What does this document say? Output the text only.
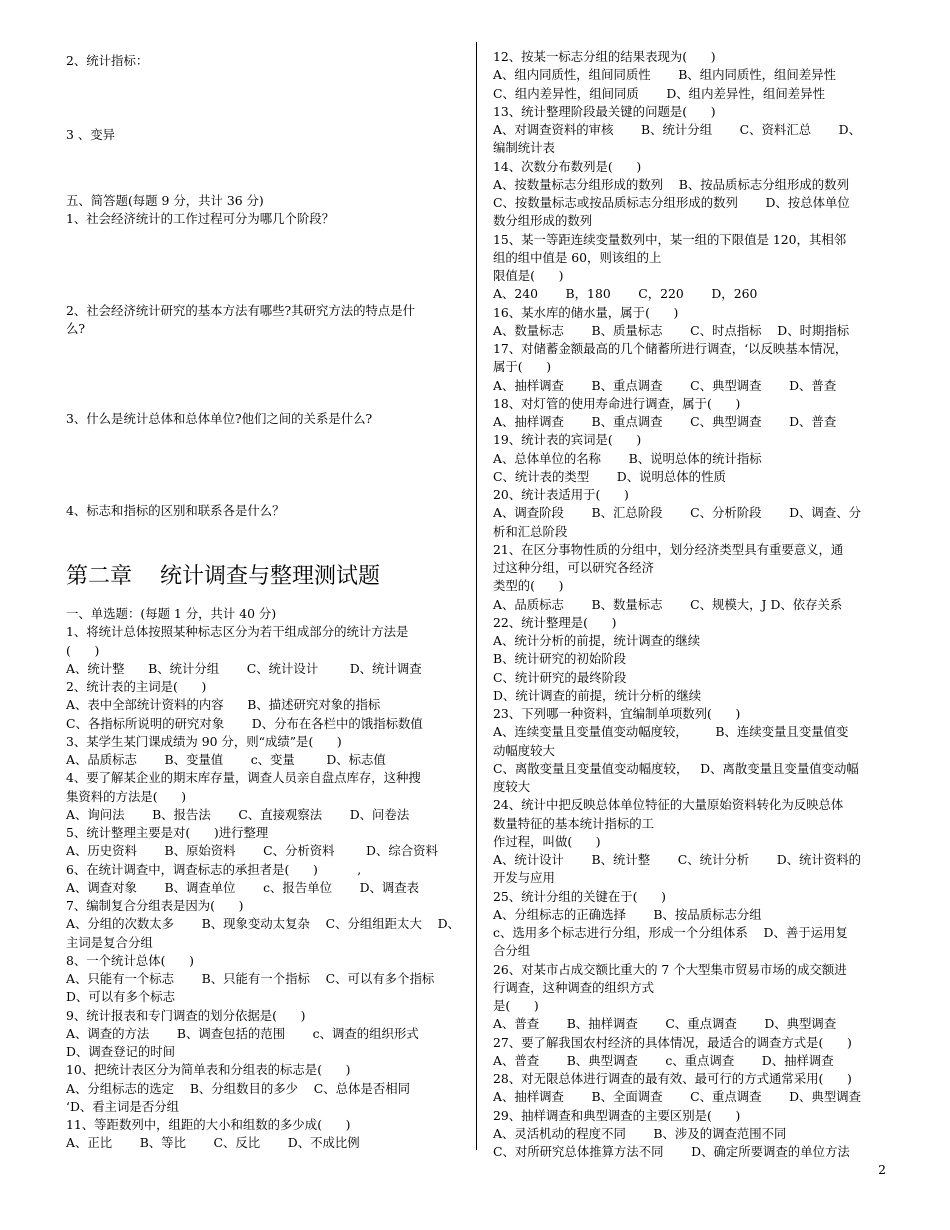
2、统计指标：
3 、变异
五、简答题(每题 9 分，共计 36 分)
1、社会经济统计的工作过程可分为哪几个阶段？
2、社会经济统计研究的基本方法有哪些?其研究方法的特点是什
么?
3、什么是统计总体和总体单位?他们之间的关系是什么?
4、标志和指标的区别和联系各是什么？
第二章    统计调查与整理测试题
一、单选题：(每题 1 分，共计 40 分)
1、将统计总体按照某种标志区分为若干组成部分的统计方法是
(      )
A、统计整      B、统计分组       C、统计设计        D、统计调查
2、统计表的主词是(      )
A、表中全部统计资料的内容      B、描述研究对象的指标
C、各指标所说明的研究对象       D、分布在各栏中的饿指标数值
3、某学生某门课成绩为 90 分，则“成绩”是(      )
A、品质标志       B、变量值       c、变量        D、标志值
4、要了解某企业的期末库存量，调查人员亲自盘点库存，这种搜
集资料的方法是(      )
A、询问法       B、报告法       C、直接观察法       D、问卷法
5、统计整理主要是对(      )进行整理
A、历史资料       B、原始资料       C、分析资料        D、综合资料
6、在统计调查中，调查标志的承担者是(      )          ,
A、调查对象       B、调查单位       c、报告单位       D、调查表
7、编制复合分组表是因为(      )
A、分组的次数太多       B、现象变动太复杂    C、分组组距太大    D、
主词是复合分组
8、一个统计总体(      )
A、只能有一个标志       B、只能有一个指标    C、可以有多个指标
D、可以有多个标志
9、统计报表和专门调查的划分依据是(      )
A、调查的方法       B、调查包括的范围       c、调查的组织形式
D、调查登记的时间
10、把统计表区分为简单表和分组表的标志是(      )
A、分组标志的选定    B、分组数目的多少    C、总体是否相同
‘D、看主词是否分组
11、等距数列中，组距的大小和组数的多少成(      )
A、正比       B、等比       C、反比       D、不成比例
12、按某一标志分组的结果表现为(      )
A、组内同质性，组间同质性       B、组内同质性，组间差异性
C、组内差异性，组间同质       D、组内差异性，组间差异性
13、统计整理阶段最关键的问题是(      )
A、对调查资料的审核       B、统计分组       C、资料汇总       D、
编制统计表
14、次数分布数列是(      )
A、按数量标志分组形成的数列    B、按品质标志分组形成的数列
C、按数量标志或按品质标志分组形成的数列       D、按总体单位
数分组形成的数列
15、某一等距连续变量数列中，某一组的下限值是 120，其相邻
组的组中值是 60，则该组的上
限值是(      )
A、240       B，180       C，220       D，260
16、某水库的储水量，属于(      )
A、数量标志       B、质量标志       C、时点指标    D、时期指标
17、对储蓄金额最高的几个储蓄所进行调查，‘以反映基本情况，
属于(      )
A、抽样调查       B、重点调查       C、典型调查       D、普查
18、对灯管的使用寿命进行调查，属于(      )
A、抽样调查       B、重点调查       C、典型调查       D、普查
19、统计表的宾词是(      )
A、总体单位的名称       B、说明总体的统计指标
C、统计表的类型       D、说明总体的性质
20、统计表适用于(      )
A、调查阶段       B、汇总阶段       C、分析阶段       D、调查、分
析和汇总阶段
21、在区分事物性质的分组中，划分经济类型具有重要意义，通
过这种分组，可以研究各经济
类型的(      )
A、品质标志       B、数量标志       C、规模大，J D、依存关系
22、统计整理是(      )
A、统计分析的前提，统计调查的继续
B、统计研究的初始阶段
C、统计研究的最终阶段
D、统计调查的前提，统计分析的继续
23、下列哪一种资料，宜编制单项数列(      )
A、连续变量且变量值变动幅度较，       B、连续变量且变量值变
动幅度较大
C、离散变量且变量值变动幅度较，   D、离散变量且变量值变动幅
度较大
24、统计中把反映总体单位特征的大量原始资料转化为反映总体
数量特征的基本统计指标的工
作过程，叫做(      )
A、统计设计       B、统计整       C、统计分析       D、统计资料的
开发与应用
25、统计分组的关键在于(      )
A、分组标志的正确选择       B、按品质标志分组
c、选用多个标志进行分组，形成一个分组体系    D、善于运用复
合分组
26、对某市占成交额比重大的 7 个大型集市贸易市场的成交额进
行调查，这种调查的组织方式
是(      )
A、普查       B、抽样调查       C、重点调查       D、典型调查
27、要了解我国农村经济的具体情况，最适合的调查方式是(      )
A、普查       B、典型调查       c、重点调查       D、抽样调查
28、对无限总体进行调查的最有效、最可行的方式通常采用(      )
A、抽样调查       B、全面调查       C、重点调查       D、典型调查
29、抽样调查和典型调查的主要区别是(      )
A、灵活机动的程度不同       B、涉及的调查范围不同
C、对所研究总体推算方法不同       D、确定所要调查的单位方法
2
